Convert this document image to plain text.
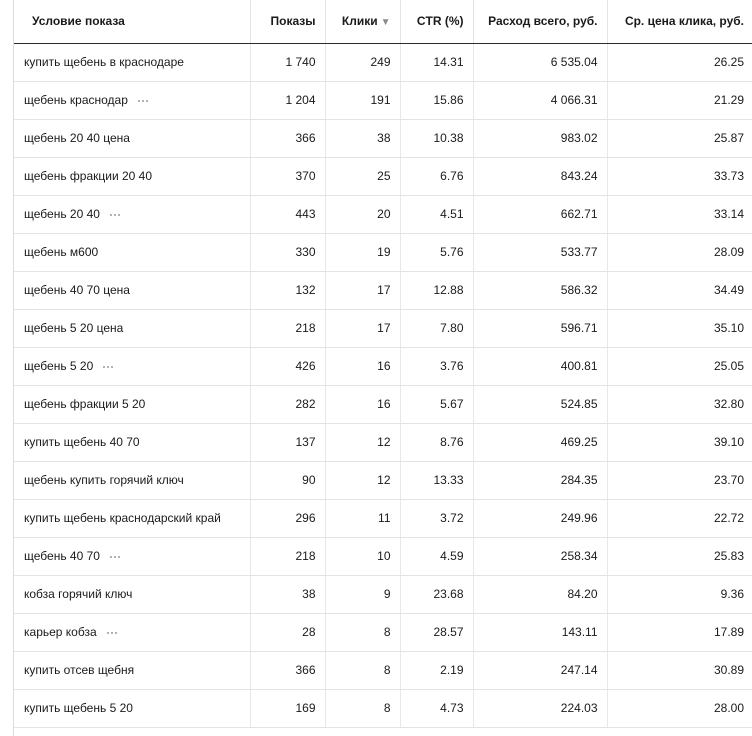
Условие показа	Показы	Клики ▼	CTR (%)	Расход всего, руб.	Ср. цена клика, руб.
купить щебень в краснодаре	1 740	249	14.31	6 535.04	26.25
щебень краснодар	1 204	191	15.86	4 066.31	21.29
щебень 20 40 цена	366	38	10.38	983.02	25.87
щебень фракции 20 40	370	25	6.76	843.24	33.73
щебень 20 40	443	20	4.51	662.71	33.14
щебень м600	330	19	5.76	533.77	28.09
щебень 40 70 цена	132	17	12.88	586.32	34.49
щебень 5 20 цена	218	17	7.80	596.71	35.10
щебень 5 20	426	16	3.76	400.81	25.05
щебень фракции 5 20	282	16	5.67	524.85	32.80
купить щебень 40 70	137	12	8.76	469.25	39.10
щебень купить горячий ключ	90	12	13.33	284.35	23.70
купить щебень краснодарский край	296	11	3.72	249.96	22.72
щебень 40 70	218	10	4.59	258.34	25.83
кобза горячий ключ	38	9	23.68	84.20	9.36
карьер кобза	28	8	28.57	143.11	17.89
купить отсев щебня	366	8	2.19	247.14	30.89
купить щебень 5 20	169	8	4.73	224.03	28.00
